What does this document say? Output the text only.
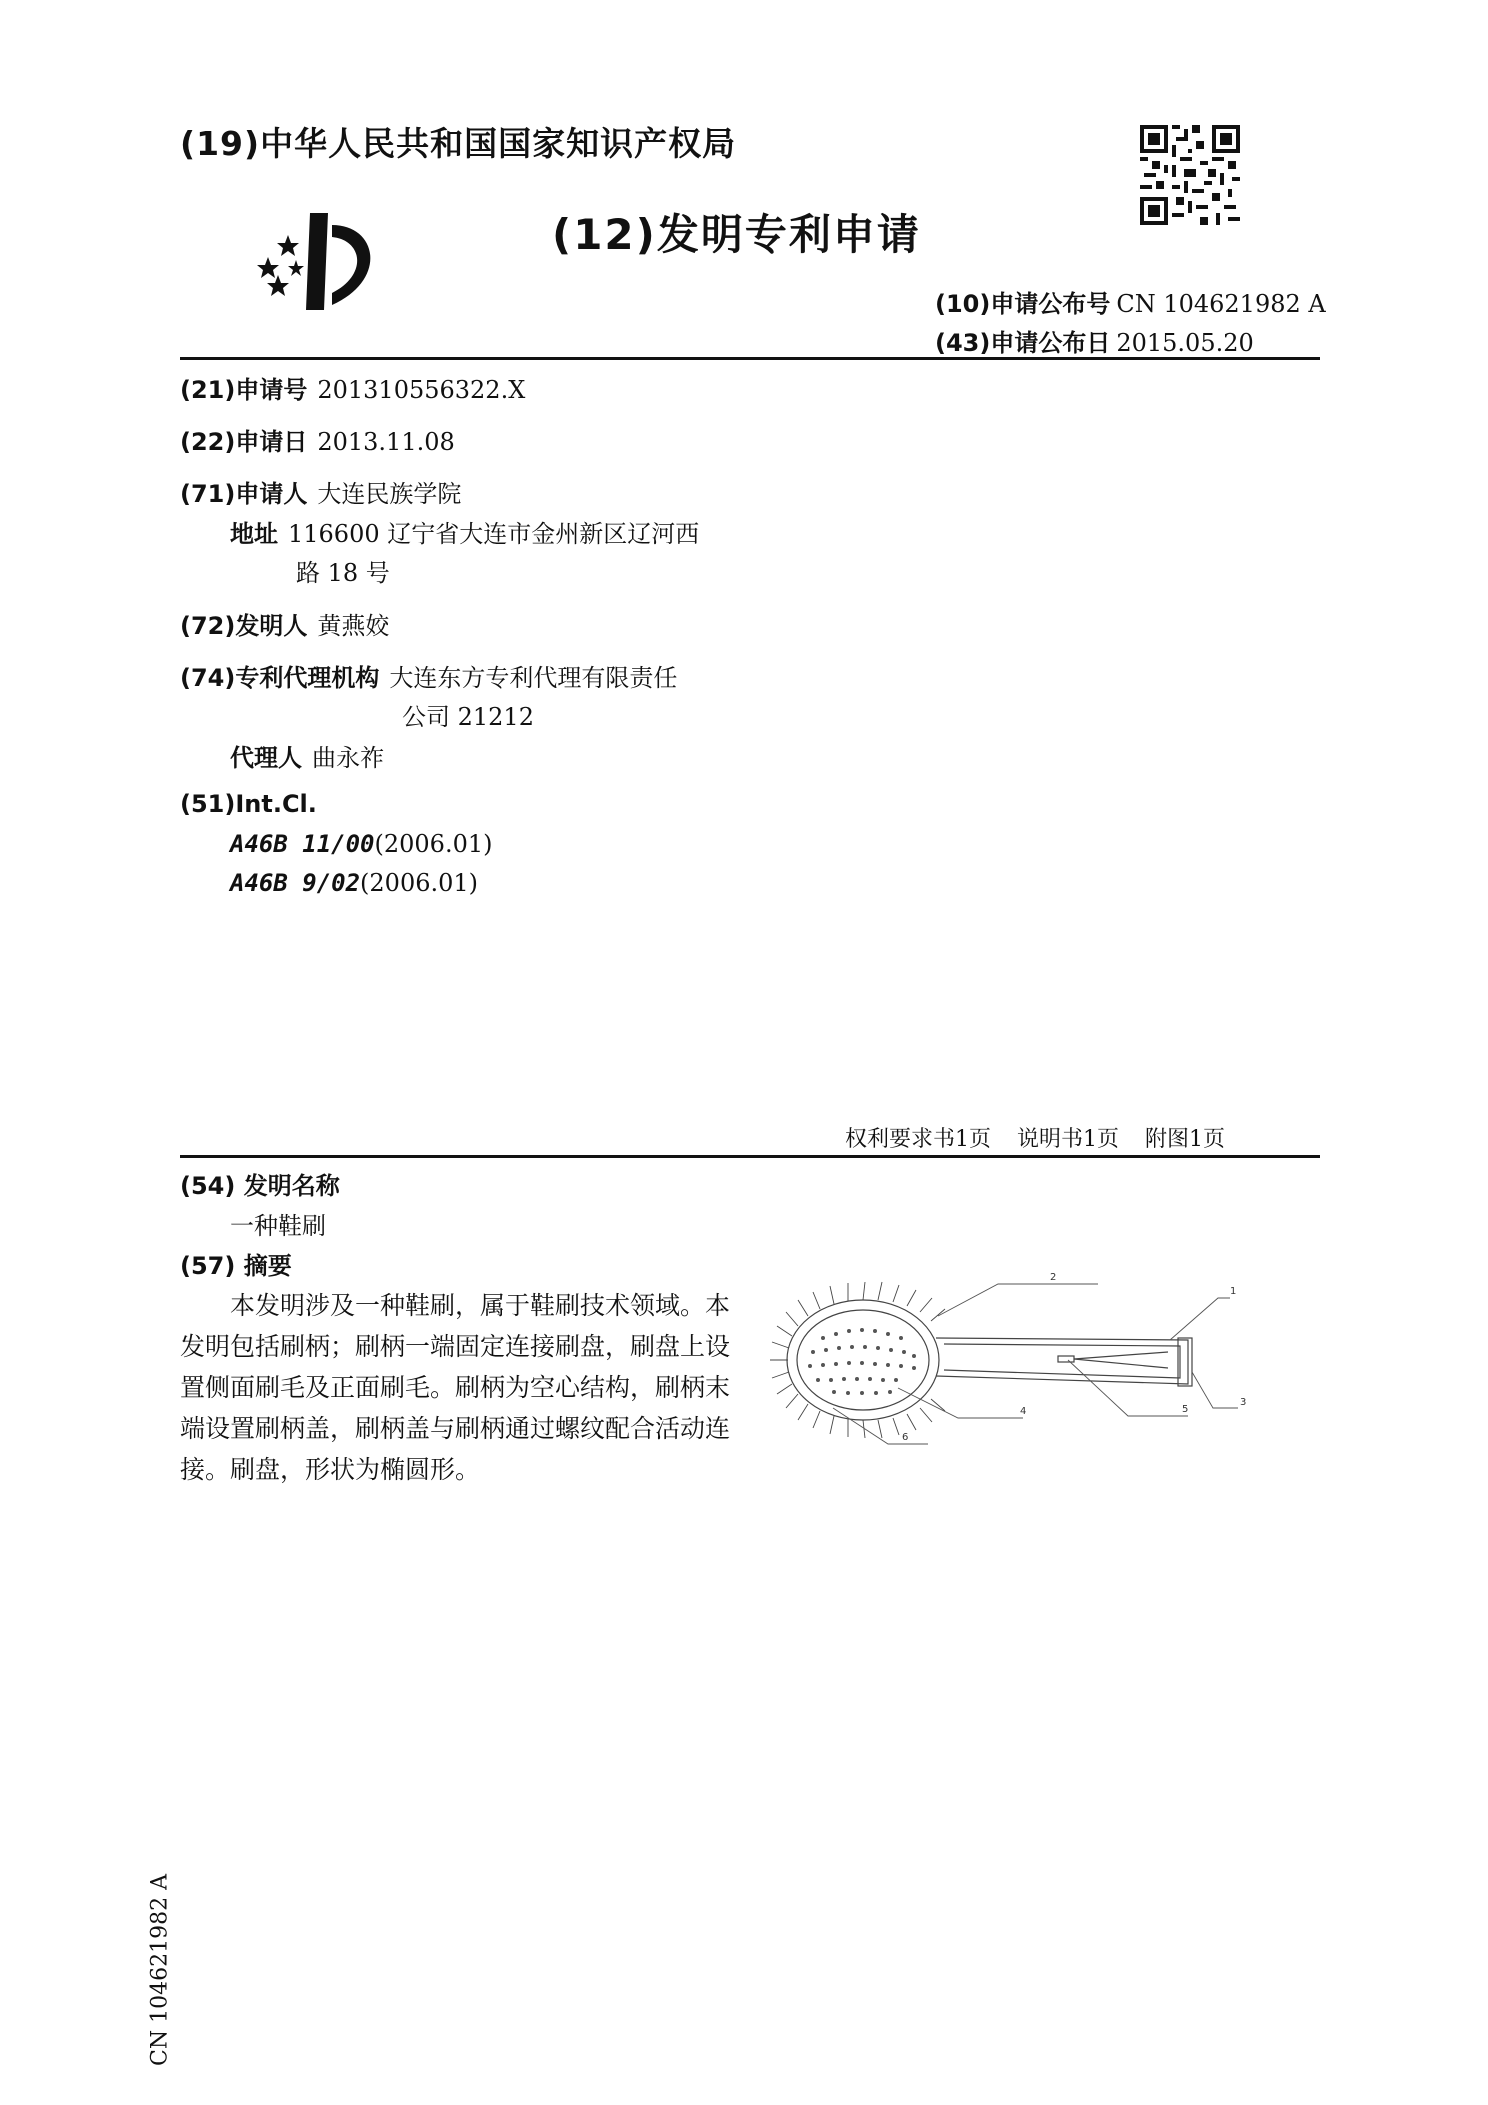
(19)中华人民共和国国家知识产权局
(12)发明专利申请
(10)申请公布号 CN 104621982 A
(43)申请公布日 2015.05.20
(21)申请号 201310556322.X
(22)申请日 2013.11.08
(71)申请人 大连民族学院
地址 116600 辽宁省大连市金州新区辽河西
路 18 号
(72)发明人 黄燕姣
(74)专利代理机构 大连东方专利代理有限责任
公司 21212
代理人 曲永祚
(51)Int.Cl.
A46B 11/00(2006.01)
A46B 9/02(2006.01)
权利要求书1页 说明书1页 附图1页
(54) 发明名称
一种鞋刷
(57) 摘要
本发明涉及一种鞋刷，属于鞋刷技术领域。本发明包括刷柄；刷柄一端固定连接刷盘，刷盘上设置侧面刷毛及正面刷毛。刷柄为空心结构，刷柄末端设置刷柄盖，刷柄盖与刷柄通过螺纹配合活动连接。刷盘，形状为椭圆形。
1
2
3
4	5
6
CN 104621982 A
